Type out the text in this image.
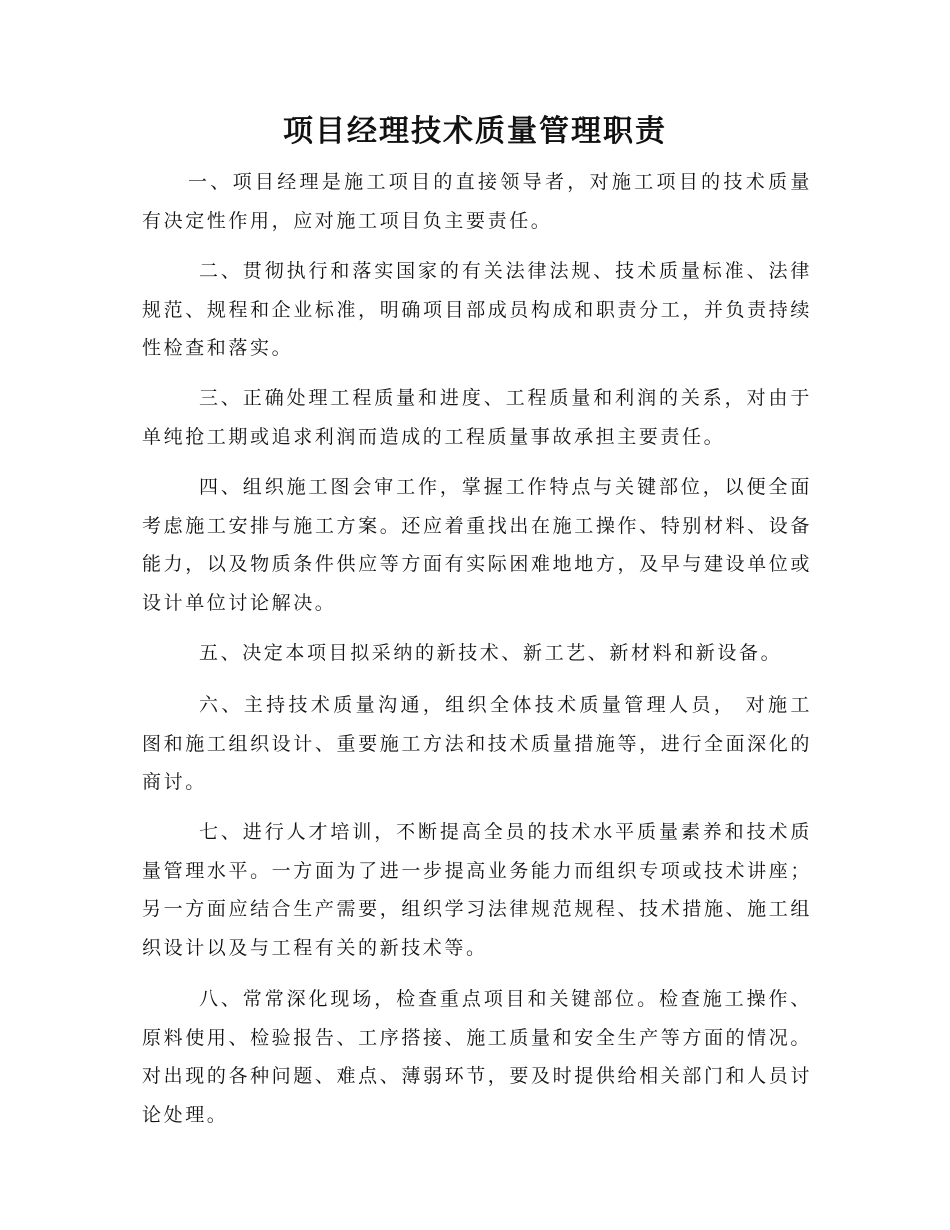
项目经理技术质量管理职责

一、项目经理是施工项目的直接领导者，对施工项目的技术质量有决定性作用，应对施工项目负主要责任。

二、贯彻执行和落实国家的有关法律法规、技术质量标准、法律规范、规程和企业标准，明确项目部成员构成和职责分工，并负责持续性检查和落实。

三、正确处理工程质量和进度、工程质量和利润的关系，对由于单纯抢工期或追求利润而造成的工程质量事故承担主要责任。

四、组织施工图会审工作，掌握工作特点与关键部位，以便全面考虑施工安排与施工方案。还应着重找出在施工操作、特别材料、设备能力，以及物质条件供应等方面有实际困难地地方，及早与建设单位或设计单位讨论解决。

五、决定本项目拟采纳的新技术、新工艺、新材料和新设备。

六、主持技术质量沟通，组织全体技术质量管理人员， 对施工图和施工组织设计、重要施工方法和技术质量措施等，进行全面深化的商讨。

七、进行人才培训，不断提高全员的技术水平质量素养和技术质量管理水平。一方面为了进一步提高业务能力而组织专项或技术讲座；另一方面应结合生产需要，组织学习法律规范规程、技术措施、施工组织设计以及与工程有关的新技术等。

八、常常深化现场，检查重点项目和关键部位。检查施工操作、原料使用、检验报告、工序搭接、施工质量和安全生产等方面的情况。对出现的各种问题、难点、薄弱环节，要及时提供给相关部门和人员讨论处理。
